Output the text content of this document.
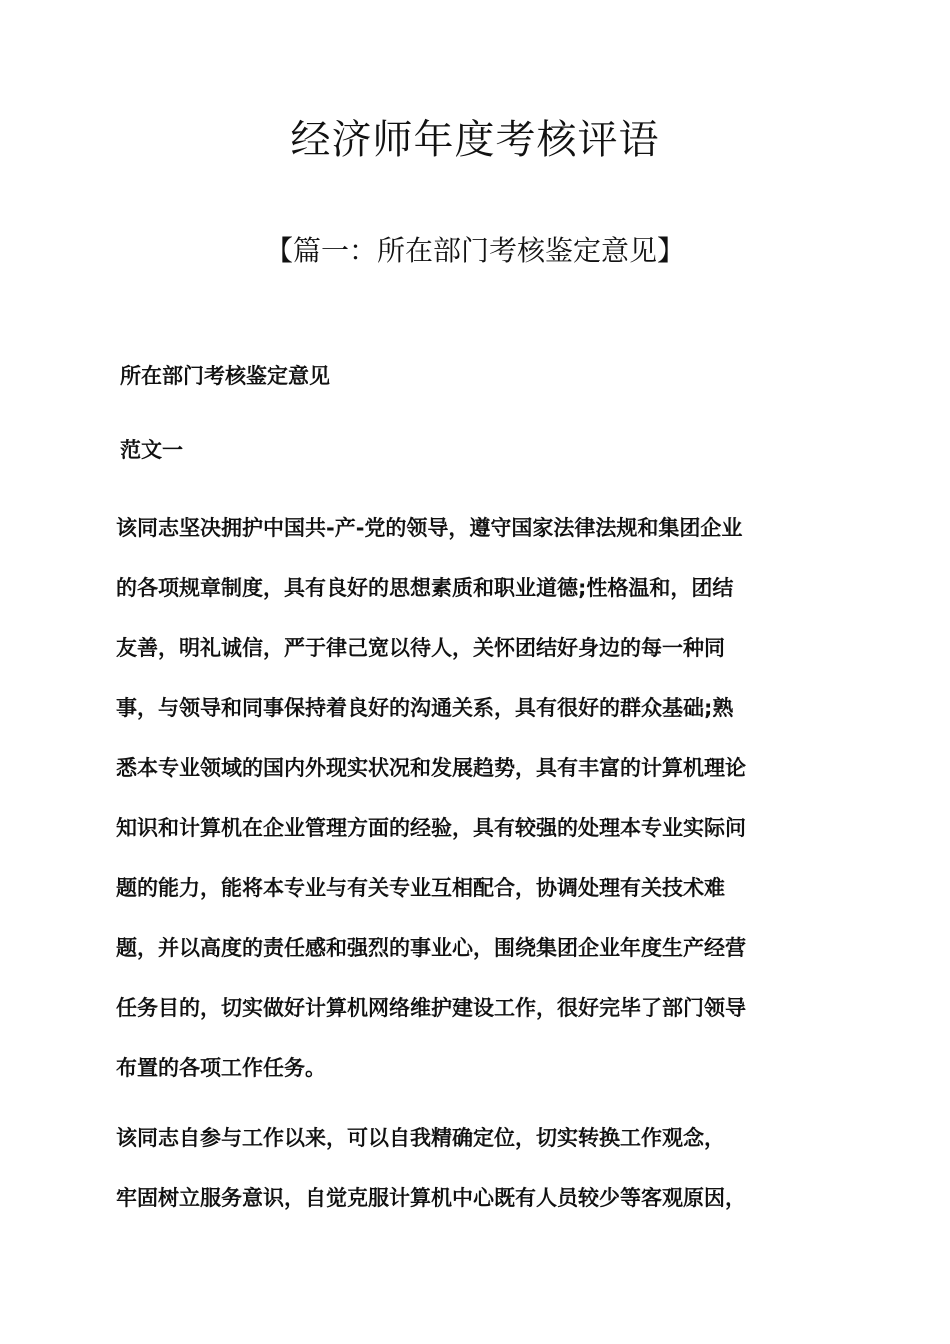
经济师年度考核评语
【篇一：所在部门考核鉴定意见】
所在部门考核鉴定意见
范文一
该同志坚决拥护中国共-产-党的领导，遵守国家法律法规和集团企业
的各项规章制度，具有良好的思想素质和职业道德;性格温和，团结
友善，明礼诚信，严于律己宽以待人，关怀团结好身边的每一种同
事，与领导和同事保持着良好的沟通关系，具有很好的群众基础;熟
悉本专业领域的国内外现实状况和发展趋势，具有丰富的计算机理论
知识和计算机在企业管理方面的经验，具有较强的处理本专业实际问
题的能力，能将本专业与有关专业互相配合，协调处理有关技术难
题，并以高度的责任感和强烈的事业心，围绕集团企业年度生产经营
任务目的，切实做好计算机网络维护建设工作，很好完毕了部门领导
布置的各项工作任务。
该同志自参与工作以来，可以自我精确定位，切实转换工作观念，
牢固树立服务意识，自觉克服计算机中心既有人员较少等客观原因，
